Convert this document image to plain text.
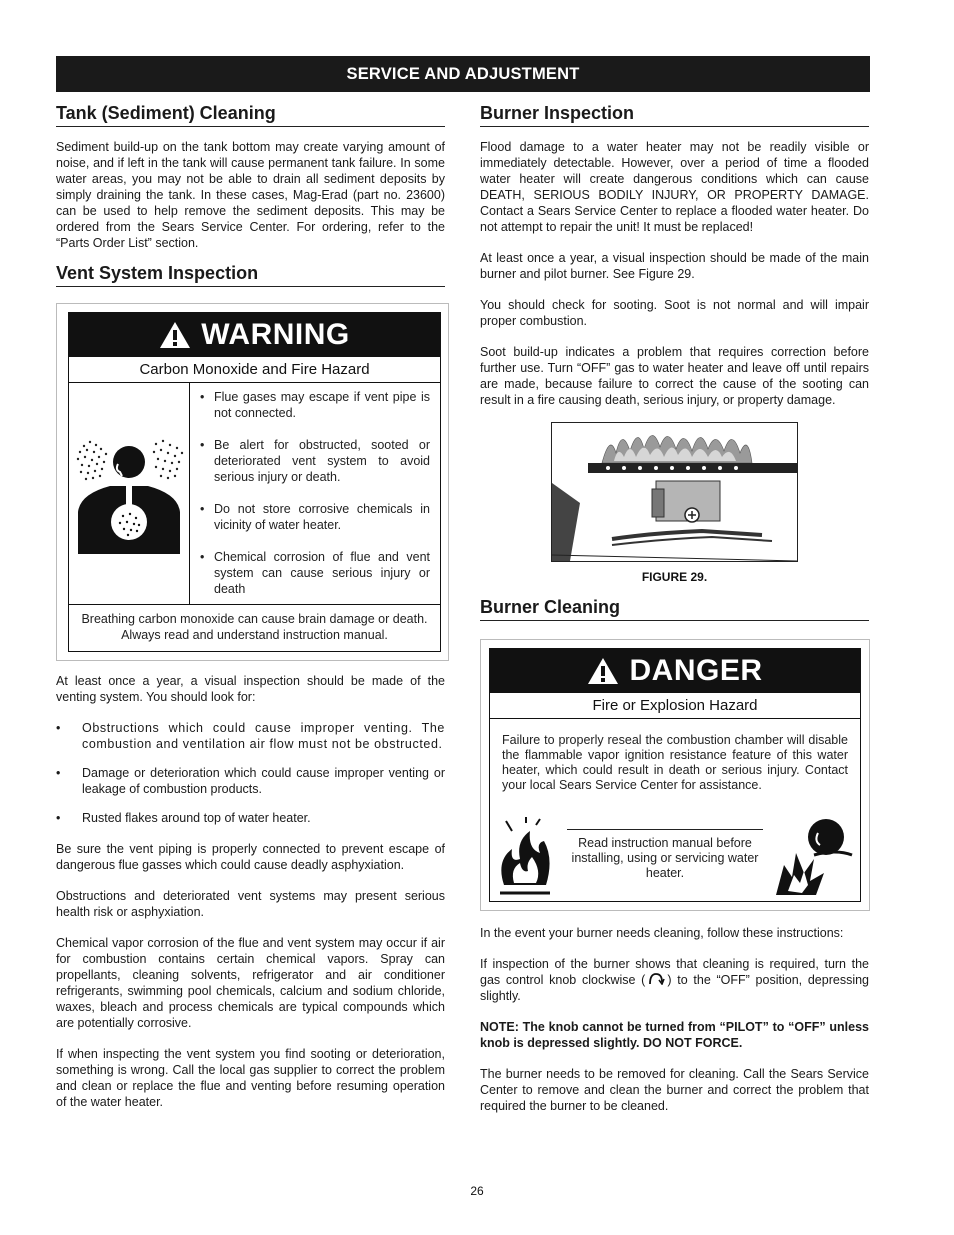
SERVICE AND ADJUSTMENT
Tank (Sediment) Cleaning

Sediment build-up on the tank bottom may create varying amount of noise, and if left in the tank will cause permanent tank failure. In some water areas, you may not be able to drain all sediment deposits by simply draining the tank. In these cases, Mag-Erad (part no. 23600) can be used to help remove the sediment deposits. This may be ordered from the Sears Service Center. For ordering, refer to the “Parts Order List” section.

Vent System Inspection
WARNING
Carbon Monoxide and Fire Hazard
• Flue gases may escape if vent pipe is not connected.
• Be alert for obstructed, sooted or deteriorated vent system to avoid serious injury or death.
• Do not store corrosive chemicals in vicinity of water heater.
• Chemical corrosion of flue and vent system can cause serious injury or death
Breathing carbon monoxide can cause brain damage or death. Always read and understand instruction manual.

At least once a year, a visual inspection should be made of the venting system. You should look for:

• Obstructions which could cause improper venting. The combustion and ventilation air flow must not be obstructed.
• Damage or deterioration which could cause improper venting or leakage of combustion products.
• Rusted flakes around top of water heater.

Be sure the vent piping is properly connected to prevent escape of dangerous flue gasses which could cause deadly asphyxiation.

Obstructions and deteriorated vent systems may present serious health risk or asphyxiation.

Chemical vapor corrosion of the flue and vent system may occur if air for combustion contains certain chemical vapors. Spray can propellants, cleaning solvents, refrigerator and air conditioner refrigerants, swimming pool chemicals, calcium and sodium chloride, waxes, bleach and process chemicals are typical compounds which are potentially corrosive.

If when inspecting the vent system you find sooting or deterioration, something is wrong. Call the local gas supplier to correct the problem and clean or replace the flue and venting before resuming operation of the water heater.

Burner Inspection

Flood damage to a water heater may not be readily visible or immediately detectable. However, over a period of time a flooded water heater will create dangerous conditions which can cause DEATH, SERIOUS BODILY INJURY, OR PROPERTY DAMAGE. Contact a Sears Service Center to replace a flooded water heater. Do not attempt to repair the unit! It must be replaced!

At least once a year, a visual inspection should be made of the main burner and pilot burner. See Figure 29.

You should check for sooting. Soot is not normal and will impair proper combustion.

Soot build-up indicates a problem that requires correction before further use. Turn “OFF” gas to water heater and leave off until repairs are made, because failure to correct the cause of the sooting can result in a fire causing death, serious injury, or property damage.

FIGURE 29.
Burner Cleaning
DANGER
Fire or Explosion Hazard
Failure to properly reseal the combustion chamber will disable the flammable vapor ignition resistance feature of this water heater, which could result in death or serious injury. Contact your local Sears Service Center for assistance.
Read instruction manual before installing, using or servicing water heater.

In the event your burner needs cleaning, follow these instructions:

If inspection of the burner shows that cleaning is required, turn the gas control knob clockwise ( ) to the “OFF” position, depressing slightly.

NOTE: The knob cannot be turned from “PILOT” to “OFF” unless knob is depressed slightly. DO NOT FORCE.

The burner needs to be removed for cleaning. Call the Sears Service Center to remove and clean the burner and correct the problem that required the burner to be cleaned.

26
